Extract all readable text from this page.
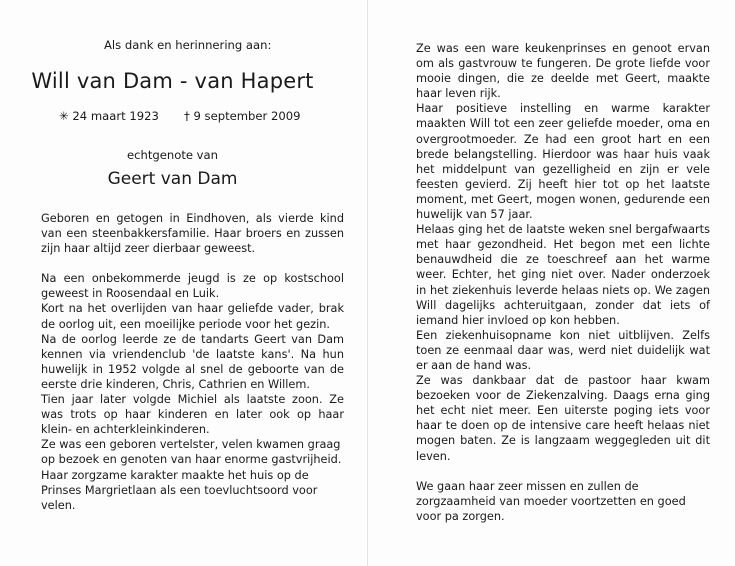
Als dank en herinnering aan:
Will van Dam - van Hapert
✳ 24 maart 1923 † 9 september 2009
echtgenote van
Geert van Dam

Geboren en getogen in Eindhoven, als vierde kind van een steenbakkersfamilie. Haar broers en zussen zijn haar altijd zeer dierbaar geweest.

Na een onbekommerde jeugd is ze op kostschool geweest in Roosendaal en Luik.

Kort na het overlijden van haar geliefde vader, brak de oorlog uit, een moeilijke periode voor het gezin.

Na de oorlog leerde ze de tandarts Geert van Dam kennen via vriendenclub 'de laatste kans'. Na hun huwelijk in 1952 volgde al snel de geboorte van de eerste drie kinderen, Chris, Cathrien en Willem.

Tien jaar later volgde Michiel als laatste zoon. Ze was trots op haar kinderen en later ook op haar klein- en achterkleinkinderen.

Ze was een geboren vertelster, velen kwamen graag op bezoek en genoten van haar enorme gastvrijheid. Haar zorgzame karakter maakte het huis op de Prinses Margrietlaan als een toevluchtsoord voor velen.

Ze was een ware keukenprinses en genoot ervan om als gastvrouw te fungeren. De grote liefde voor mooie dingen, die ze deelde met Geert, maakte haar leven rijk.

Haar positieve instelling en warme karakter maakten Will tot een zeer geliefde moeder, oma en overgrootmoeder. Ze had een groot hart en een brede belangstelling. Hierdoor was haar huis vaak het middelpunt van gezelligheid en zijn er vele feesten gevierd. Zij heeft hier tot op het laatste moment, met Geert, mogen wonen, gedurende een huwelijk van 57 jaar.

Helaas ging het de laatste weken snel bergafwaarts met haar gezondheid. Het begon met een lichte benauwdheid die ze toeschreef aan het warme weer. Echter, het ging niet over. Nader onderzoek in het ziekenhuis leverde helaas niets op. We zagen Will dagelijks achteruitgaan, zonder dat iets of iemand hier invloed op kon hebben.

Een ziekenhuisopname kon niet uitblijven. Zelfs toen ze eenmaal daar was, werd niet duidelijk wat er aan de hand was.

Ze was dankbaar dat de pastoor haar kwam bezoeken voor de Ziekenzalving. Daags erna ging het echt niet meer. Een uiterste poging iets voor haar te doen op de intensive care heeft helaas niet mogen baten. Ze is langzaam weggegleden uit dit leven.

We gaan haar zeer missen en zullen de zorgzaamheid van moeder voortzetten en goed voor pa zorgen.
